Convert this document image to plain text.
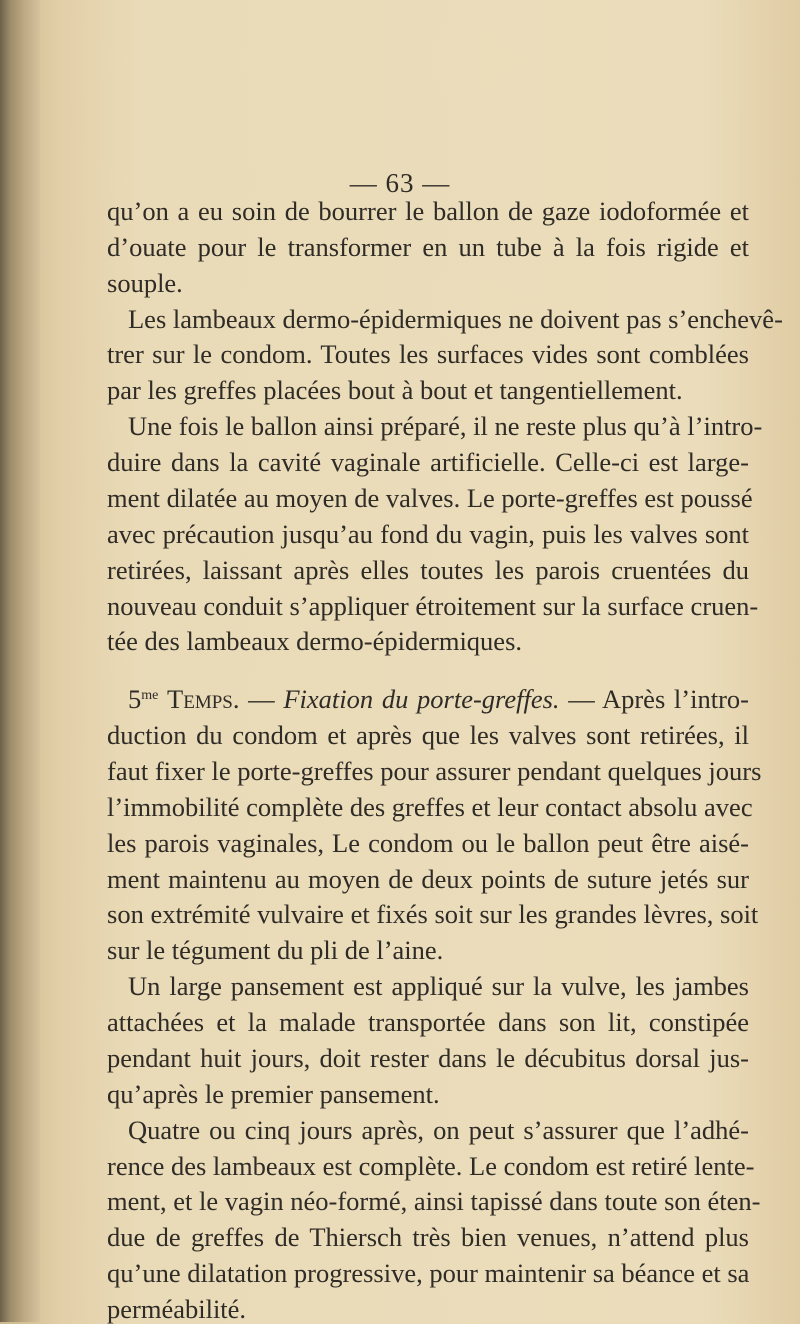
— 63 —
qu’on a eu soin de bourrer le ballon de gaze iodoformée et
d’ouate pour le transformer en un tube à la fois rigide et
souple.
Les lambeaux dermo-épidermiques ne doivent pas s’enchevê-
trer sur le condom. Toutes les surfaces vides sont comblées
par les greffes placées bout à bout et tangentiellement.
Une fois le ballon ainsi préparé, il ne reste plus qu’à l’intro-
duire dans la cavité vaginale artificielle. Celle-ci est large-
ment dilatée au moyen de valves. Le porte-greffes est poussé
avec précaution jusqu’au fond du vagin, puis les valves sont
retirées, laissant après elles toutes les parois cruentées du
nouveau conduit s’appliquer étroitement sur la surface cruen-
tée des lambeaux dermo-épidermiques.
$5^{me}$ Temps. — Fixation du porte-greffes. — Après l’intro-
duction du condom et après que les valves sont retirées, il
faut fixer le porte-greffes pour assurer pendant quelques jours
l’immobilité complète des greffes et leur contact absolu avec
les parois vaginales, Le condom ou le ballon peut être aisé-
ment maintenu au moyen de deux points de suture jetés sur
son extrémité vulvaire et fixés soit sur les grandes lèvres, soit
sur le tégument du pli de l’aine.
Un large pansement est appliqué sur la vulve, les jambes
attachées et la malade transportée dans son lit, constipée
pendant huit jours, doit rester dans le décubitus dorsal jus-
qu’après le premier pansement.
Quatre ou cinq jours après, on peut s’assurer que l’adhé-
rence des lambeaux est complète. Le condom est retiré lente-
ment, et le vagin néo-formé, ainsi tapissé dans toute son éten-
due de greffes de Thiersch très bien venues, n’attend plus
qu’une dilatation progressive, pour maintenir sa béance et sa
perméabilité.
